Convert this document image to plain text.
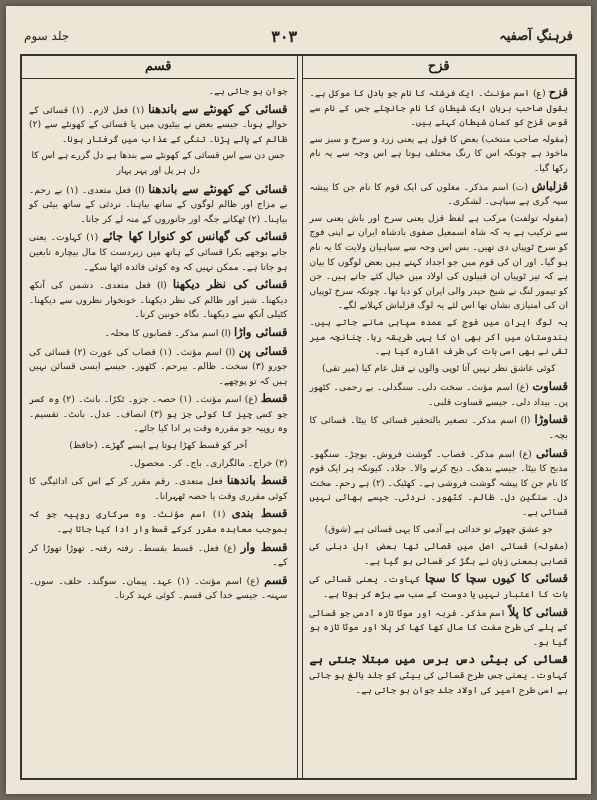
فرہنگِ آصفیہ
۳۰۳
جلد سوم
قزح

قزح (ع) اسم مؤنث۔ ایک فرشتہ کا نام جو بادل کا موکل ہے۔ بقول صاحب برہان ایک شیطان کا نام جانچئے جس کے نام سے قوس قزح کو کمان شیطان کہتے ہیں۔

(مقولہ صاحب منتخب) بعض کا قول ہے یعنی زرد و سرخ و سبز سے ماخوذ ہے چونکہ اس کا رنگ مختلف ہوتا ہے اس وجہ سے یہ نام رکھا گیا۔

قزلباش (ت) اسم مذکر۔ مغلوں کی ایک قوم کا نام جن کا پیشہ سپہ گری ہے سپاہی۔ لشکری۔

(مقولہ تولفت) مرکب ہے لفظ قزل یعنی سرخ اور باش یعنی سر سے ترکیب ہے یہ کہ شاہ اسمعیل صفوی بادشاہ ایران نے اپنی فوج کو سرخ ٹوپیاں دی تھیں۔ بس اس وجہ سے سپاہیان ولایت کا یہ نام ہو گیا۔ اور ان کی قوم میں جو اجداد کہتے ہیں بعض لوگوں کا بیان ہے کہ تیر ٹوپیاں ان قبیلوں کی اولاد میں خیال کئے جاتے ہیں۔ جن کو تیمور لنگ نے شیخ حیدر والی ایران کو دیا تھا۔ چونکہ سرخ ٹوپیاں ان کی امتیازی نشان تھا اس لئے یہ لوگ قزلباش کہلانے لگے۔

یہ لوگ ایران میں فوج کے عمدہ سپاہی مانے جاتے ہیں۔ ہندوستان میں آکر بھی ان کا یہی طریقہ رہا۔ چنانچہ میر تقی نے بھی اسی بات کی طرف اشارہ کیا ہے۔

کوئی عاشق نظر نہیں آتا ٹوپی والوں نے قتل عام کیا (میر تقی)

قساوت (ع) اسم مؤنث۔ سخت دلی۔ سنگدلی۔ بے رحمی۔ کٹھور پن۔ بیداد دلی۔ جیسے قساوت قلبی۔

قساوڑا (ا) اسم مذکر۔ تصغیر بالتحقیر قسائی کا بیٹا۔ قسائی کا بچہ۔

قسائی (ع) اسم مذکر۔ قصاب۔ گوشت فروش۔ بوچڑ۔ سنگھو۔ مذبح کا بیٹا۔ جیسے بدھک۔ ذبح کرنے والا۔ جلاد۔ کیونکہ ہر ایک قوم کا نام جن کا پیشہ گوشت فروشی ہے۔ کھٹیک۔ (۲) بے رحم۔ سخت دل۔ سنگین دل۔ ظالم۔ کٹھور۔ نردئی۔ جیسے بھائی نہیں قسائی ہے۔

جو عشق چھوٹے تو خدائی ہے آدمی کا یہی قسائی ہے (شوق)

(مقولہ) قسائی اصل میں قصائی تھا بعض اہل دہلی کی قصابی بمعنی زبان نے بگڑ کر قسائی ہو گیا ہے۔

قسائی کا کیوں سچا کا سچا کہاوت۔ یعنی قسائی کی بات کا اعتبار نہیں یا دوست کے سب سے بڑھ کر ہوتا ہے۔

قسائی کا پلاّ اسم مذکر۔ فربہ اور موٹا تازہ آدمی جو قسائی کے پلے کی طرح مفت کا مال کھا کھا کر پلا اور موٹا تازہ ہو گیا ہو۔

قسائی کی بیٹی دس برس میں مبتلا جنتی ہے کہاوت۔ یعنی جس طرح قسائی کی بیٹی کو جلد بالغ ہو جاتی ہے اسی طرح امیر کی اولاد جلد جوان ہو جاتی ہے۔

قسم

جوان ہو جاتی ہے۔

قسائی کے کھونٹے سے باندھنا (۱) فعل لازم۔ (۱) قسائی کے حوالے ہونا۔ جیسے بعض نے بیٹیوں میں یا قسائی کے کھونٹے سے (۲) ظالم کے پالے پڑنا۔ تنگی کے عذاب میں گرفتار ہونا۔

جس دن سے اس قسائی کے کھونٹے سے بندھا ہے دل گزرے ہے اس کا دل ہر پل اور پہر پہار

قسائی کے کھونٹے سے باندھنا (ا) فعل متعدی۔ (۱) بے رحم۔ بے مزاج اور ظالم لوگوں کے ساتھ بیاہنا۔ نردئی کے ساتھ بیٹی کو بیاہنا۔ (۲) ٹھکانے جگہ اور جانوروں کے منہ لے کر جانا۔

قسائی کی گھانس کو کنوارا کھا جائے (۱) کہاوت۔ یعنی جانے بوجھے بکرا قسائی کے ہاتھ میں زبردست کا مال بیچارہ تابعین ہو جاتا ہے۔ ممکن نہیں کہ وہ کوئی فائدہ اٹھا سکے۔

قسائی کی نظر دیکھنا (ا) فعل متعدی۔ دشمن کی آنکھ دیکھنا۔ شیر اور ظالم کی نظر دیکھنا۔ خونخوار نظروں سے دیکھنا۔ کٹیلی آنکھ سے دیکھنا۔ نگاہ خونین کرنا۔

قسائی واڑا (ا) اسم مذکر۔ قصابوں کا محلہ۔

قسائی پن (ا) اسم مؤنث۔ (۱) قصاب کی عورت (۲) قسائی کی جورو (۳) سخت۔ ظالم۔ بیرحم۔ کٹھور۔ جیسے ایسی قسائن نہیں ہیں کہ تو پوچھے۔

قسط (ع) اسم مؤنث۔ (۱) حصہ۔ جزو۔ ٹکڑا۔ بانٹ۔ (۲) وہ کسر جو کسی چیز کا کوئی جز ہو (۳) انصاف۔ عدل۔ بانٹ۔ تقسیم۔ وہ روپیہ جو مقررہ وقت پر ادا کیا جائے۔

آخر کو قسط کھڑا ہوتا ہے ایسے گھڑے۔ (حافظ)

(۳) خراج۔ مالگزاری۔ باج۔ کر۔ محصول۔

قسط باندھنا فعل متعدی۔ رقم مقرر کر کے اس کی ادائیگی کا کوئی مقرری وقت یا حصہ ٹھہرانا۔

قسط بندی (ا) اسم مؤنث۔ وہ سرکاری روپیہ جو کہ بموجب معاہدہ مقرر کرکے قسط وار ادا کیا جاتا ہے۔

قسط وار (ع) فعل۔ قسط بقسط۔ رفتہ رفتہ۔ تھوڑا تھوڑا کر کے۔

قسم (ع) اسم مؤنث۔ (۱) عہد۔ پیمان۔ سوگند۔ حلف۔ سوں۔ سہنہ۔ جیسے خدا کی قسم۔ کوئی عہد کرنا۔
